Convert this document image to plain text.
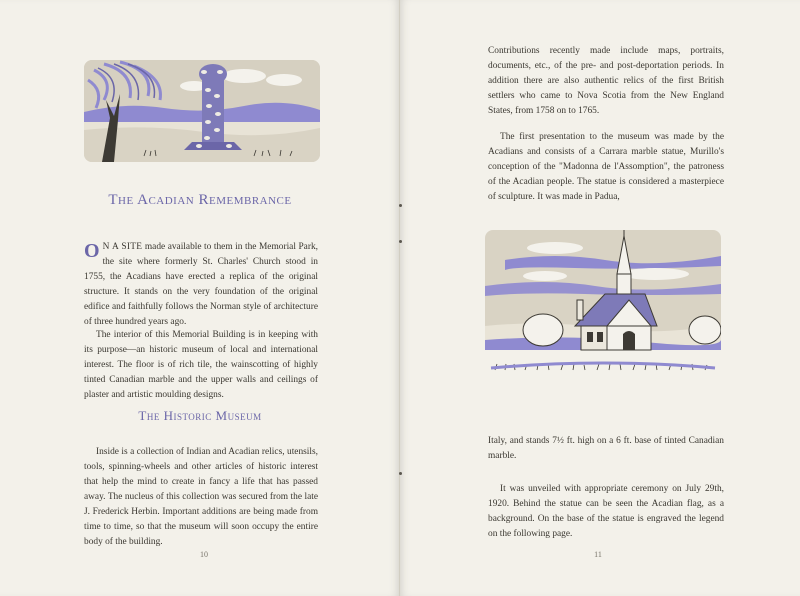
The Acadian Remembrance
O N A SITE made available to them in the Memorial Park, the site where formerly St. Charles' Church stood in 1755, the Acadians have erected a replica of the original structure. It stands on the very foundation of the original edifice and faithfully follows the Norman style of architecture of three hundred years ago.
The interior of this Memorial Building is in keeping with its purpose—an historic museum of local and international interest. The floor is of rich tile, the wainscotting of highly tinted Canadian marble and the upper walls and ceilings of plaster and artistic moulding designs.
The Historic Museum
Inside is a collection of Indian and Acadian relics, utensils, tools, spinning-wheels and other articles of historic interest that help the mind to create in fancy a life that has passed away. The nucleus of this collection was secured from the late J. Frederick Herbin. Important additions are being made from time to time, so that the museum will soon occupy the entire body of the building.
10
Contributions recently made include maps, portraits, documents, etc., of the pre- and post-deportation periods. In addition there are also authentic relics of the first British settlers who came to Nova Scotia from the New England States, from 1758 on to 1765.
The first presentation to the museum was made by the Acadians and consists of a Carrara marble statue, Murillo's conception of the "Madonna de l'Assomption", the patroness of the Acadian people. The statue is considered a masterpiece of sculpture. It was made in Padua,
Italy, and stands 7½ ft. high on a 6 ft. base of tinted Canadian marble.
It was unveiled with appropriate ceremony on July 29th, 1920. Behind the statue can be seen the Acadian flag, as a background. On the base of the statue is engraved the legend on the following page.
11
